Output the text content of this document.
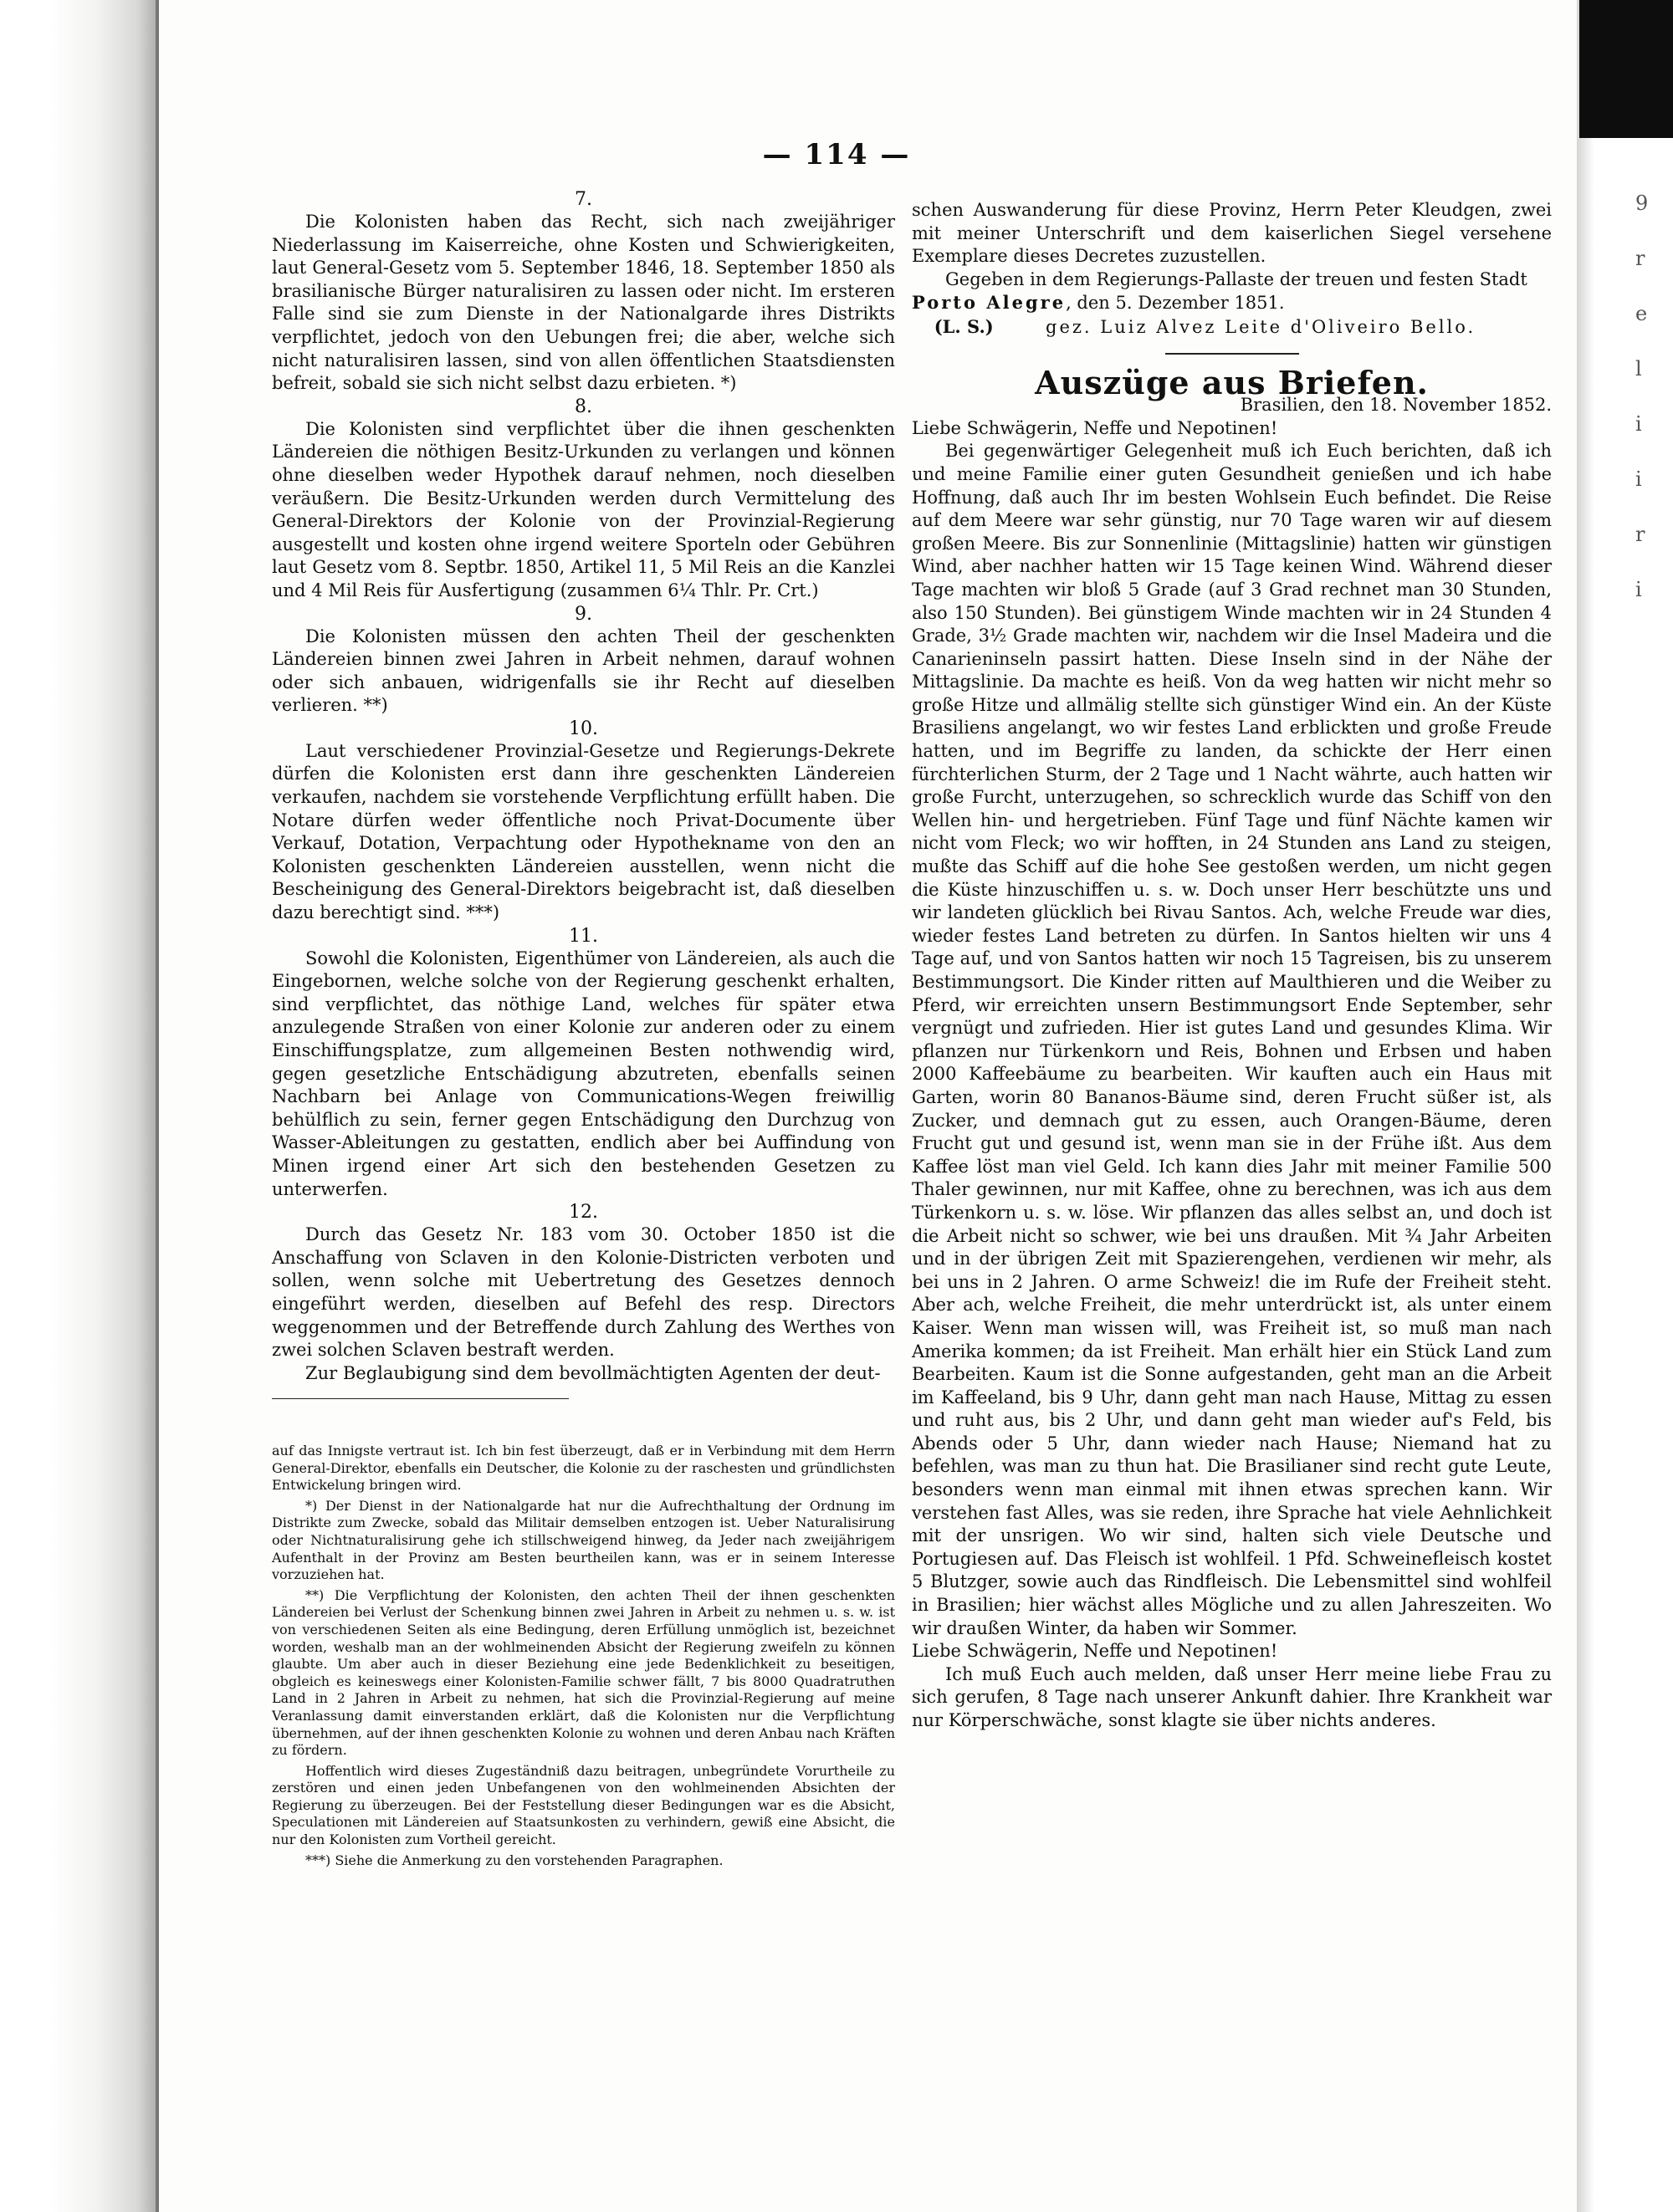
9
r
e
l
i
i
r
i
— 114 —

7.

Die Kolonisten haben das Recht, sich nach zweijähriger Niederlassung im Kaiserreiche, ohne Kosten und Schwierigkeiten, laut General-Gesetz vom 5. September 1846, 18. September 1850 als brasilianische Bürger naturalisiren zu lassen oder nicht. Im ersteren Falle sind sie zum Dienste in der Nationalgarde ihres Distrikts verpflichtet, jedoch von den Uebungen frei; die aber, welche sich nicht naturalisiren lassen, sind von allen öffentlichen Staatsdiensten befreit, sobald sie sich nicht selbst dazu erbieten. *)

8.

Die Kolonisten sind verpflichtet über die ihnen geschenkten Ländereien die nöthigen Besitz-Urkunden zu verlangen und können ohne dieselben weder Hypothek darauf nehmen, noch dieselben veräußern. Die Besitz-Urkunden werden durch Vermittelung des General-Direktors der Kolonie von der Provinzial-Regierung ausgestellt und kosten ohne irgend weitere Sporteln oder Gebühren laut Gesetz vom 8. Septbr. 1850, Artikel 11, 5 Mil Reis an die Kanzlei und 4 Mil Reis für Ausfertigung (zusammen 6¼ Thlr. Pr. Crt.)

9.

Die Kolonisten müssen den achten Theil der geschenkten Ländereien binnen zwei Jahren in Arbeit nehmen, darauf wohnen oder sich anbauen, widrigenfalls sie ihr Recht auf dieselben verlieren. **)

10.

Laut verschiedener Provinzial-Gesetze und Regierungs-Dekrete dürfen die Kolonisten erst dann ihre geschenkten Ländereien verkaufen, nachdem sie vorstehende Verpflichtung erfüllt haben. Die Notare dürfen weder öffentliche noch Privat-Documente über Verkauf, Dotation, Verpachtung oder Hypothekname von den an Kolonisten geschenkten Ländereien ausstellen, wenn nicht die Bescheinigung des General-Direktors beigebracht ist, daß dieselben dazu berechtigt sind. ***)

11.

Sowohl die Kolonisten, Eigenthümer von Ländereien, als auch die Eingebornen, welche solche von der Regierung geschenkt erhalten, sind verpflichtet, das nöthige Land, welches für später etwa anzulegende Straßen von einer Kolonie zur anderen oder zu einem Einschiffungsplatze, zum allgemeinen Besten nothwendig wird, gegen gesetzliche Entschädigung abzutreten, ebenfalls seinen Nachbarn bei Anlage von Communications-Wegen freiwillig behülflich zu sein, ferner gegen Entschädigung den Durchzug von Wasser-Ableitungen zu gestatten, endlich aber bei Auffindung von Minen irgend einer Art sich den bestehenden Gesetzen zu unterwerfen.

12.

Durch das Gesetz Nr. 183 vom 30. October 1850 ist die Anschaffung von Sclaven in den Kolonie-Districten verboten und sollen, wenn solche mit Uebertretung des Gesetzes dennoch eingeführt werden, dieselben auf Befehl des resp. Directors weggenommen und der Betreffende durch Zahlung des Werthes von zwei solchen Sclaven bestraft werden.

Zur Beglaubigung sind dem bevollmächtigten Agenten der deut-

auf das Innigste vertraut ist. Ich bin fest überzeugt, daß er in Verbindung mit dem Herrn General-Direktor, ebenfalls ein Deutscher, die Kolonie zu der raschesten und gründlichsten Entwickelung bringen wird.

*) Der Dienst in der Nationalgarde hat nur die Aufrechthaltung der Ordnung im Distrikte zum Zwecke, sobald das Militair demselben entzogen ist. Ueber Naturalisirung oder Nichtnaturalisirung gehe ich stillschweigend hinweg, da Jeder nach zweijährigem Aufenthalt in der Provinz am Besten beurtheilen kann, was er in seinem Interesse vorzuziehen hat.

**) Die Verpflichtung der Kolonisten, den achten Theil der ihnen geschenkten Ländereien bei Verlust der Schenkung binnen zwei Jahren in Arbeit zu nehmen u. s. w. ist von verschiedenen Seiten als eine Bedingung, deren Erfüllung unmöglich ist, bezeichnet worden, weshalb man an der wohlmeinenden Absicht der Regierung zweifeln zu können glaubte. Um aber auch in dieser Beziehung eine jede Bedenklichkeit zu beseitigen, obgleich es keineswegs einer Kolonisten-Familie schwer fällt, 7 bis 8000 Quadratruthen Land in 2 Jahren in Arbeit zu nehmen, hat sich die Provinzial-Regierung auf meine Veranlassung damit einverstanden erklärt, daß die Kolonisten nur die Verpflichtung übernehmen, auf der ihnen geschenkten Kolonie zu wohnen und deren Anbau nach Kräften zu fördern.

Hoffentlich wird dieses Zugeständniß dazu beitragen, unbegründete Vorurtheile zu zerstören und einen jeden Unbefangenen von den wohlmeinenden Absichten der Regierung zu überzeugen. Bei der Feststellung dieser Bedingungen war es die Absicht, Speculationen mit Ländereien auf Staatsunkosten zu verhindern, gewiß eine Absicht, die nur den Kolonisten zum Vortheil gereicht.

***) Siehe die Anmerkung zu den vorstehenden Paragraphen.

schen Auswanderung für diese Provinz, Herrn Peter Kleudgen, zwei mit meiner Unterschrift und dem kaiserlichen Siegel versehene Exemplare dieses Decretes zuzustellen.

Gegeben in dem Regierungs-Pallaste der treuen und festen Stadt

Porto Alegre, den 5. Dezember 1851.

(L. S.)	gez. Luiz Alvez Leite d'Oliveiro Bello.

Auszüge aus Briefen.

Brasilien, den 18. November 1852.

Liebe Schwägerin, Neffe und Nepotinen!

Bei gegenwärtiger Gelegenheit muß ich Euch berichten, daß ich und meine Familie einer guten Gesundheit genießen und ich habe Hoffnung, daß auch Ihr im besten Wohlsein Euch befindet. Die Reise auf dem Meere war sehr günstig, nur 70 Tage waren wir auf diesem großen Meere. Bis zur Sonnenlinie (Mittagslinie) hatten wir günstigen Wind, aber nachher hatten wir 15 Tage keinen Wind. Während dieser Tage machten wir bloß 5 Grade (auf 3 Grad rechnet man 30 Stunden, also 150 Stunden). Bei günstigem Winde machten wir in 24 Stunden 4 Grade, 3½ Grade machten wir, nachdem wir die Insel Madeira und die Canarieninseln passirt hatten. Diese Inseln sind in der Nähe der Mittagslinie. Da machte es heiß. Von da weg hatten wir nicht mehr so große Hitze und allmälig stellte sich günstiger Wind ein. An der Küste Brasiliens angelangt, wo wir festes Land erblickten und große Freude hatten, und im Begriffe zu landen, da schickte der Herr einen fürchterlichen Sturm, der 2 Tage und 1 Nacht währte, auch hatten wir große Furcht, unterzugehen, so schrecklich wurde das Schiff von den Wellen hin- und hergetrieben. Fünf Tage und fünf Nächte kamen wir nicht vom Fleck; wo wir hofften, in 24 Stunden ans Land zu steigen, mußte das Schiff auf die hohe See gestoßen werden, um nicht gegen die Küste hinzuschiffen u. s. w. Doch unser Herr beschützte uns und wir landeten glücklich bei Rivau Santos. Ach, welche Freude war dies, wieder festes Land betreten zu dürfen. In Santos hielten wir uns 4 Tage auf, und von Santos hatten wir noch 15 Tagreisen, bis zu unserem Bestimmungsort. Die Kinder ritten auf Maulthieren und die Weiber zu Pferd, wir erreichten unsern Bestimmungsort Ende September, sehr vergnügt und zufrieden. Hier ist gutes Land und gesundes Klima. Wir pflanzen nur Türkenkorn und Reis, Bohnen und Erbsen und haben 2000 Kaffeebäume zu bearbeiten. Wir kauften auch ein Haus mit Garten, worin 80 Bananos-Bäume sind, deren Frucht süßer ist, als Zucker, und demnach gut zu essen, auch Orangen-Bäume, deren Frucht gut und gesund ist, wenn man sie in der Frühe ißt. Aus dem Kaffee löst man viel Geld. Ich kann dies Jahr mit meiner Familie 500 Thaler gewinnen, nur mit Kaffee, ohne zu berechnen, was ich aus dem Türkenkorn u. s. w. löse. Wir pflanzen das alles selbst an, und doch ist die Arbeit nicht so schwer, wie bei uns draußen. Mit ¾ Jahr Arbeiten und in der übrigen Zeit mit Spazierengehen, verdienen wir mehr, als bei uns in 2 Jahren. O arme Schweiz! die im Rufe der Freiheit steht. Aber ach, welche Freiheit, die mehr unterdrückt ist, als unter einem Kaiser. Wenn man wissen will, was Freiheit ist, so muß man nach Amerika kommen; da ist Freiheit. Man erhält hier ein Stück Land zum Bearbeiten. Kaum ist die Sonne aufgestanden, geht man an die Arbeit im Kaffeeland, bis 9 Uhr, dann geht man nach Hause, Mittag zu essen und ruht aus, bis 2 Uhr, und dann geht man wieder auf's Feld, bis Abends oder 5 Uhr, dann wieder nach Hause; Niemand hat zu befehlen, was man zu thun hat. Die Brasilianer sind recht gute Leute, besonders wenn man einmal mit ihnen etwas sprechen kann. Wir verstehen fast Alles, was sie reden, ihre Sprache hat viele Aehnlichkeit mit der unsrigen. Wo wir sind, halten sich viele Deutsche und Portugiesen auf. Das Fleisch ist wohlfeil. 1 Pfd. Schweinefleisch kostet 5 Blutzger, sowie auch das Rindfleisch. Die Lebensmittel sind wohlfeil in Brasilien; hier wächst alles Mögliche und zu allen Jahreszeiten. Wo wir draußen Winter, da haben wir Sommer.

Liebe Schwägerin, Neffe und Nepotinen!

Ich muß Euch auch melden, daß unser Herr meine liebe Frau zu sich gerufen, 8 Tage nach unserer Ankunft dahier. Ihre Krankheit war nur Körperschwäche, sonst klagte sie über nichts anderes.
